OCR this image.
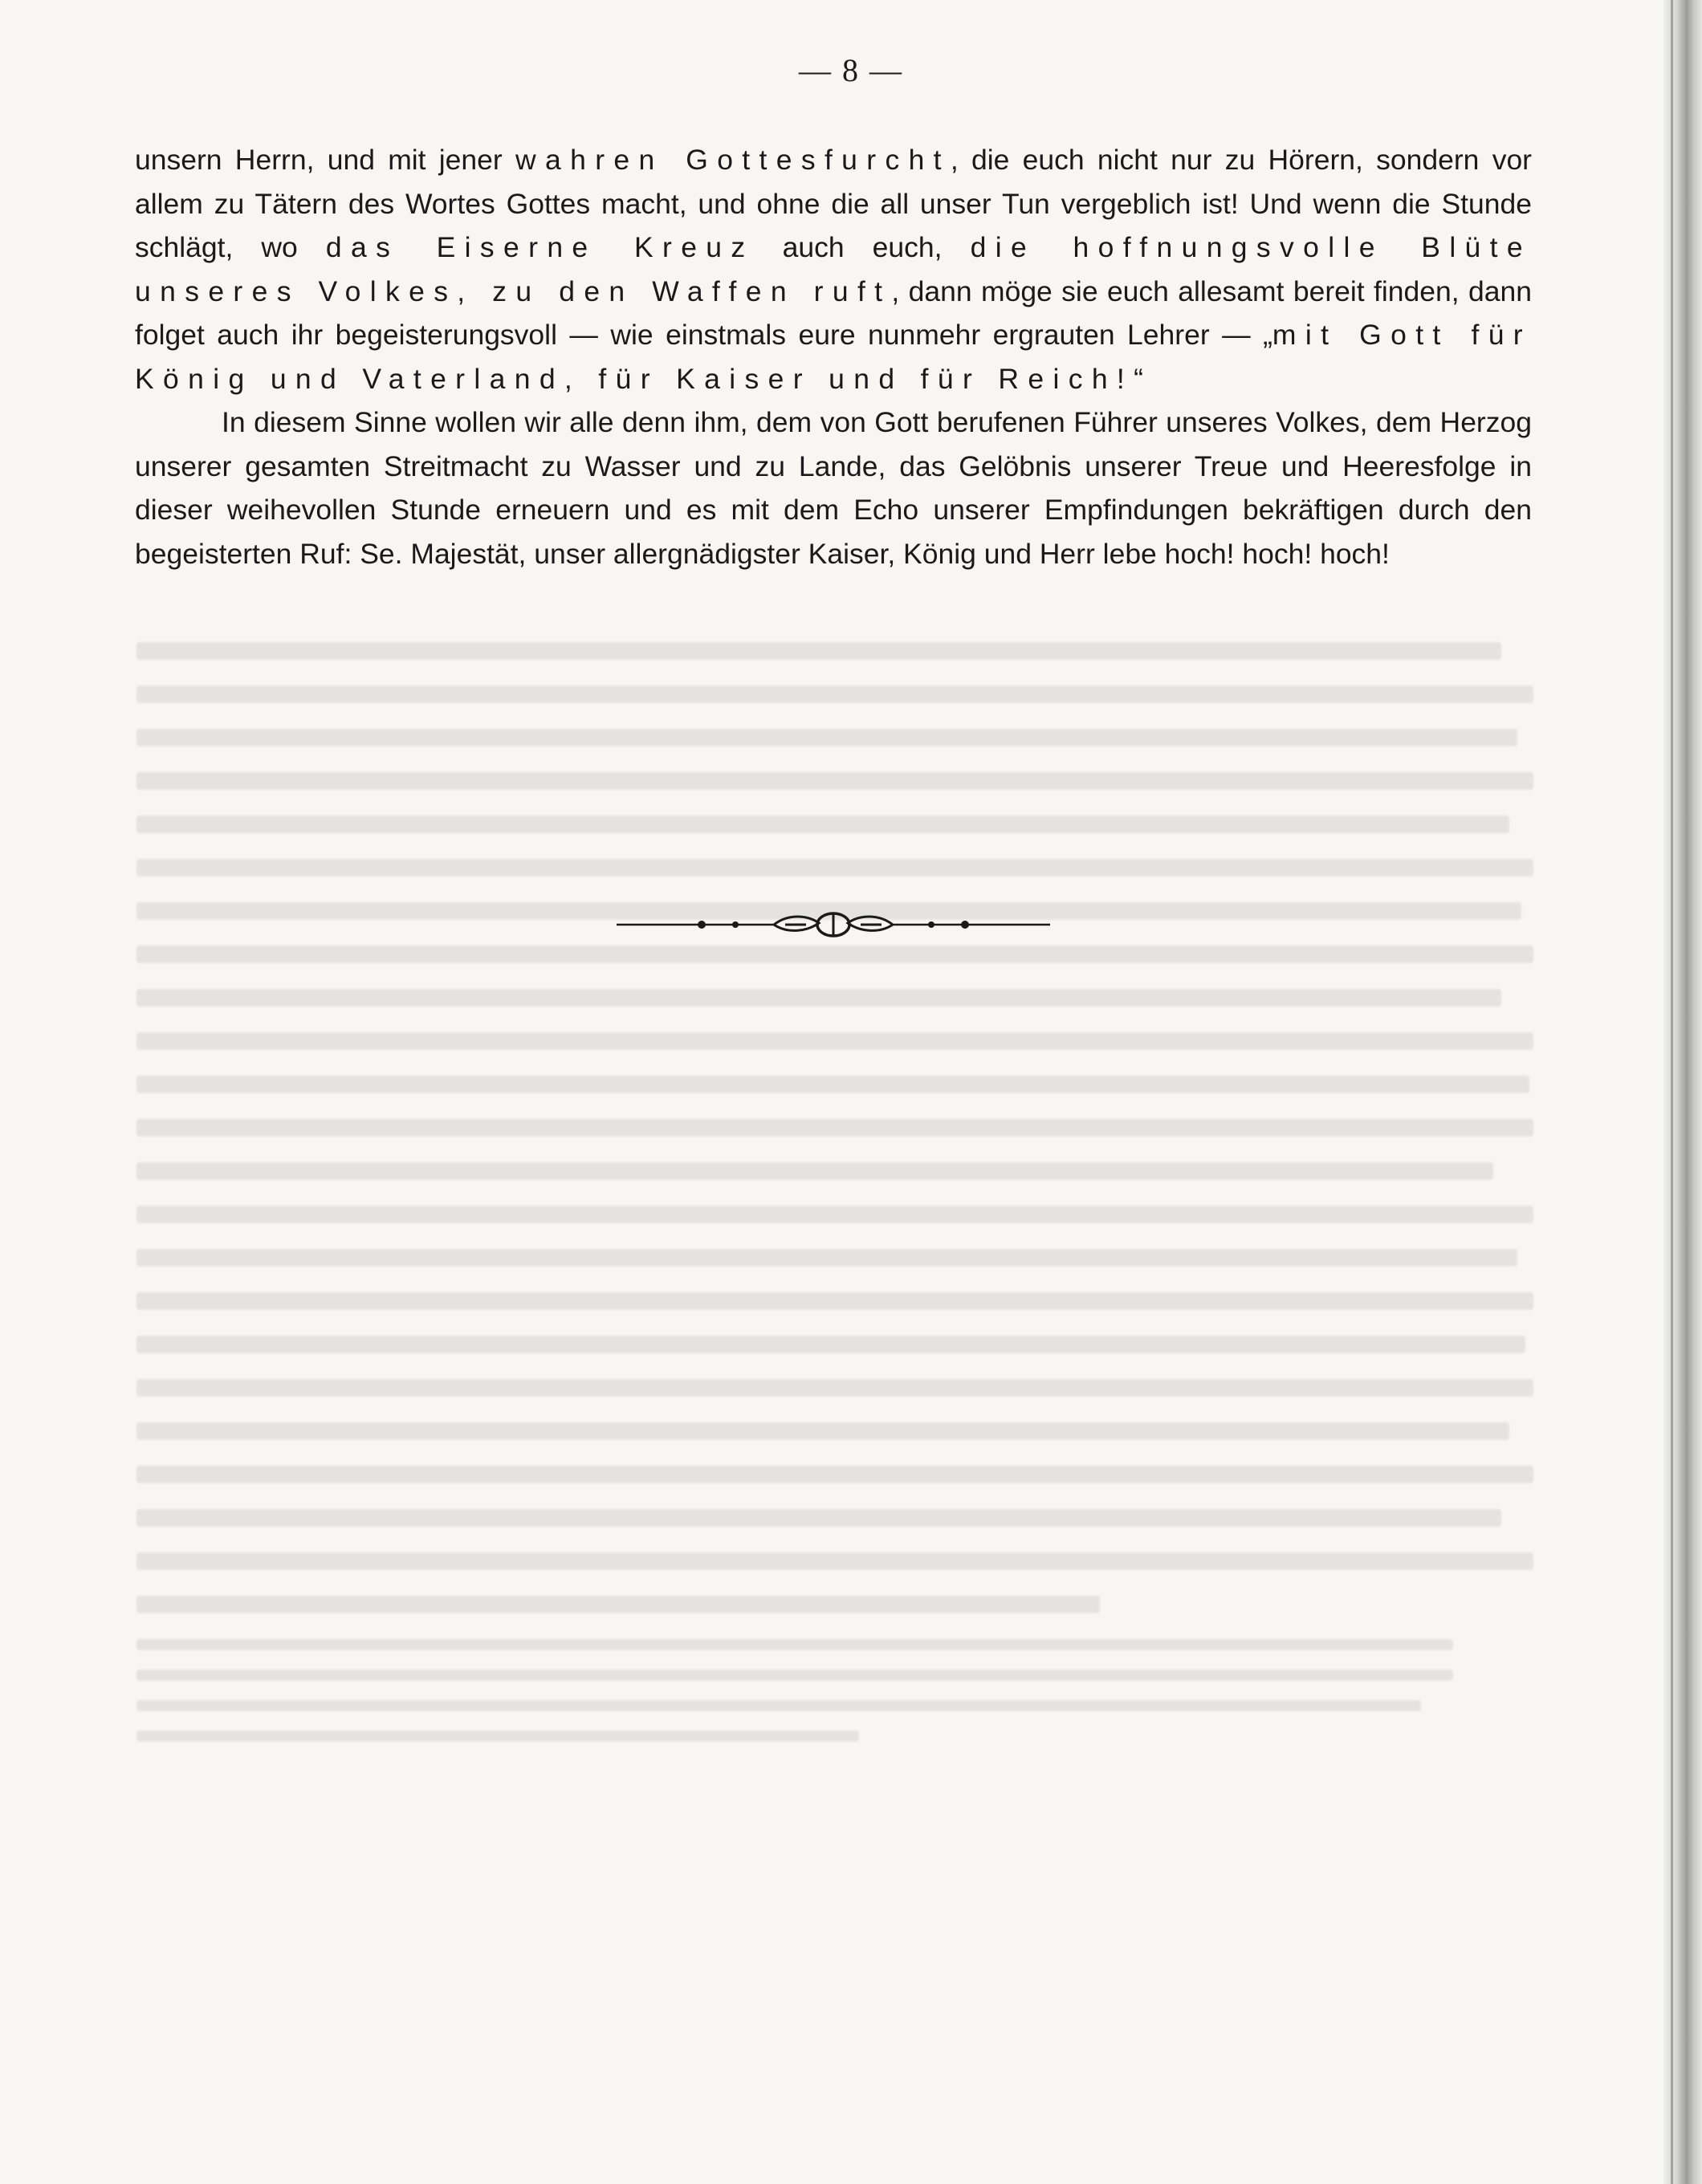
— 8 —

unsern Herrn, und mit jener wahren Gottesfurcht, die euch nicht nur zu Hörern, sondern vor allem zu Tätern des Wortes Gottes macht, und ohne die all unser Tun vergeblich ist! Und wenn die Stunde schlägt, wo das Eiserne Kreuz auch euch, die hoffnungsvolle Blüte unseres Volkes, zu den Waffen ruft, dann möge sie euch allesamt bereit finden, dann folget auch ihr begeisterungsvoll — wie einstmals eure nunmehr ergrauten Lehrer — „mit Gott für König und Vaterland, für Kaiser und für Reich!“

In diesem Sinne wollen wir alle denn ihm, dem von Gott berufenen Führer unseres Volkes, dem Herzog unserer gesamten Streitmacht zu Wasser und zu Lande, das Gelöbnis unserer Treue und Heeresfolge in dieser weihevollen Stunde erneuern und es mit dem Echo unserer Empfindungen bekräftigen durch den begeisterten Ruf: Se. Majestät, unser allergnädigster Kaiser, König und Herr lebe hoch! hoch! hoch!
